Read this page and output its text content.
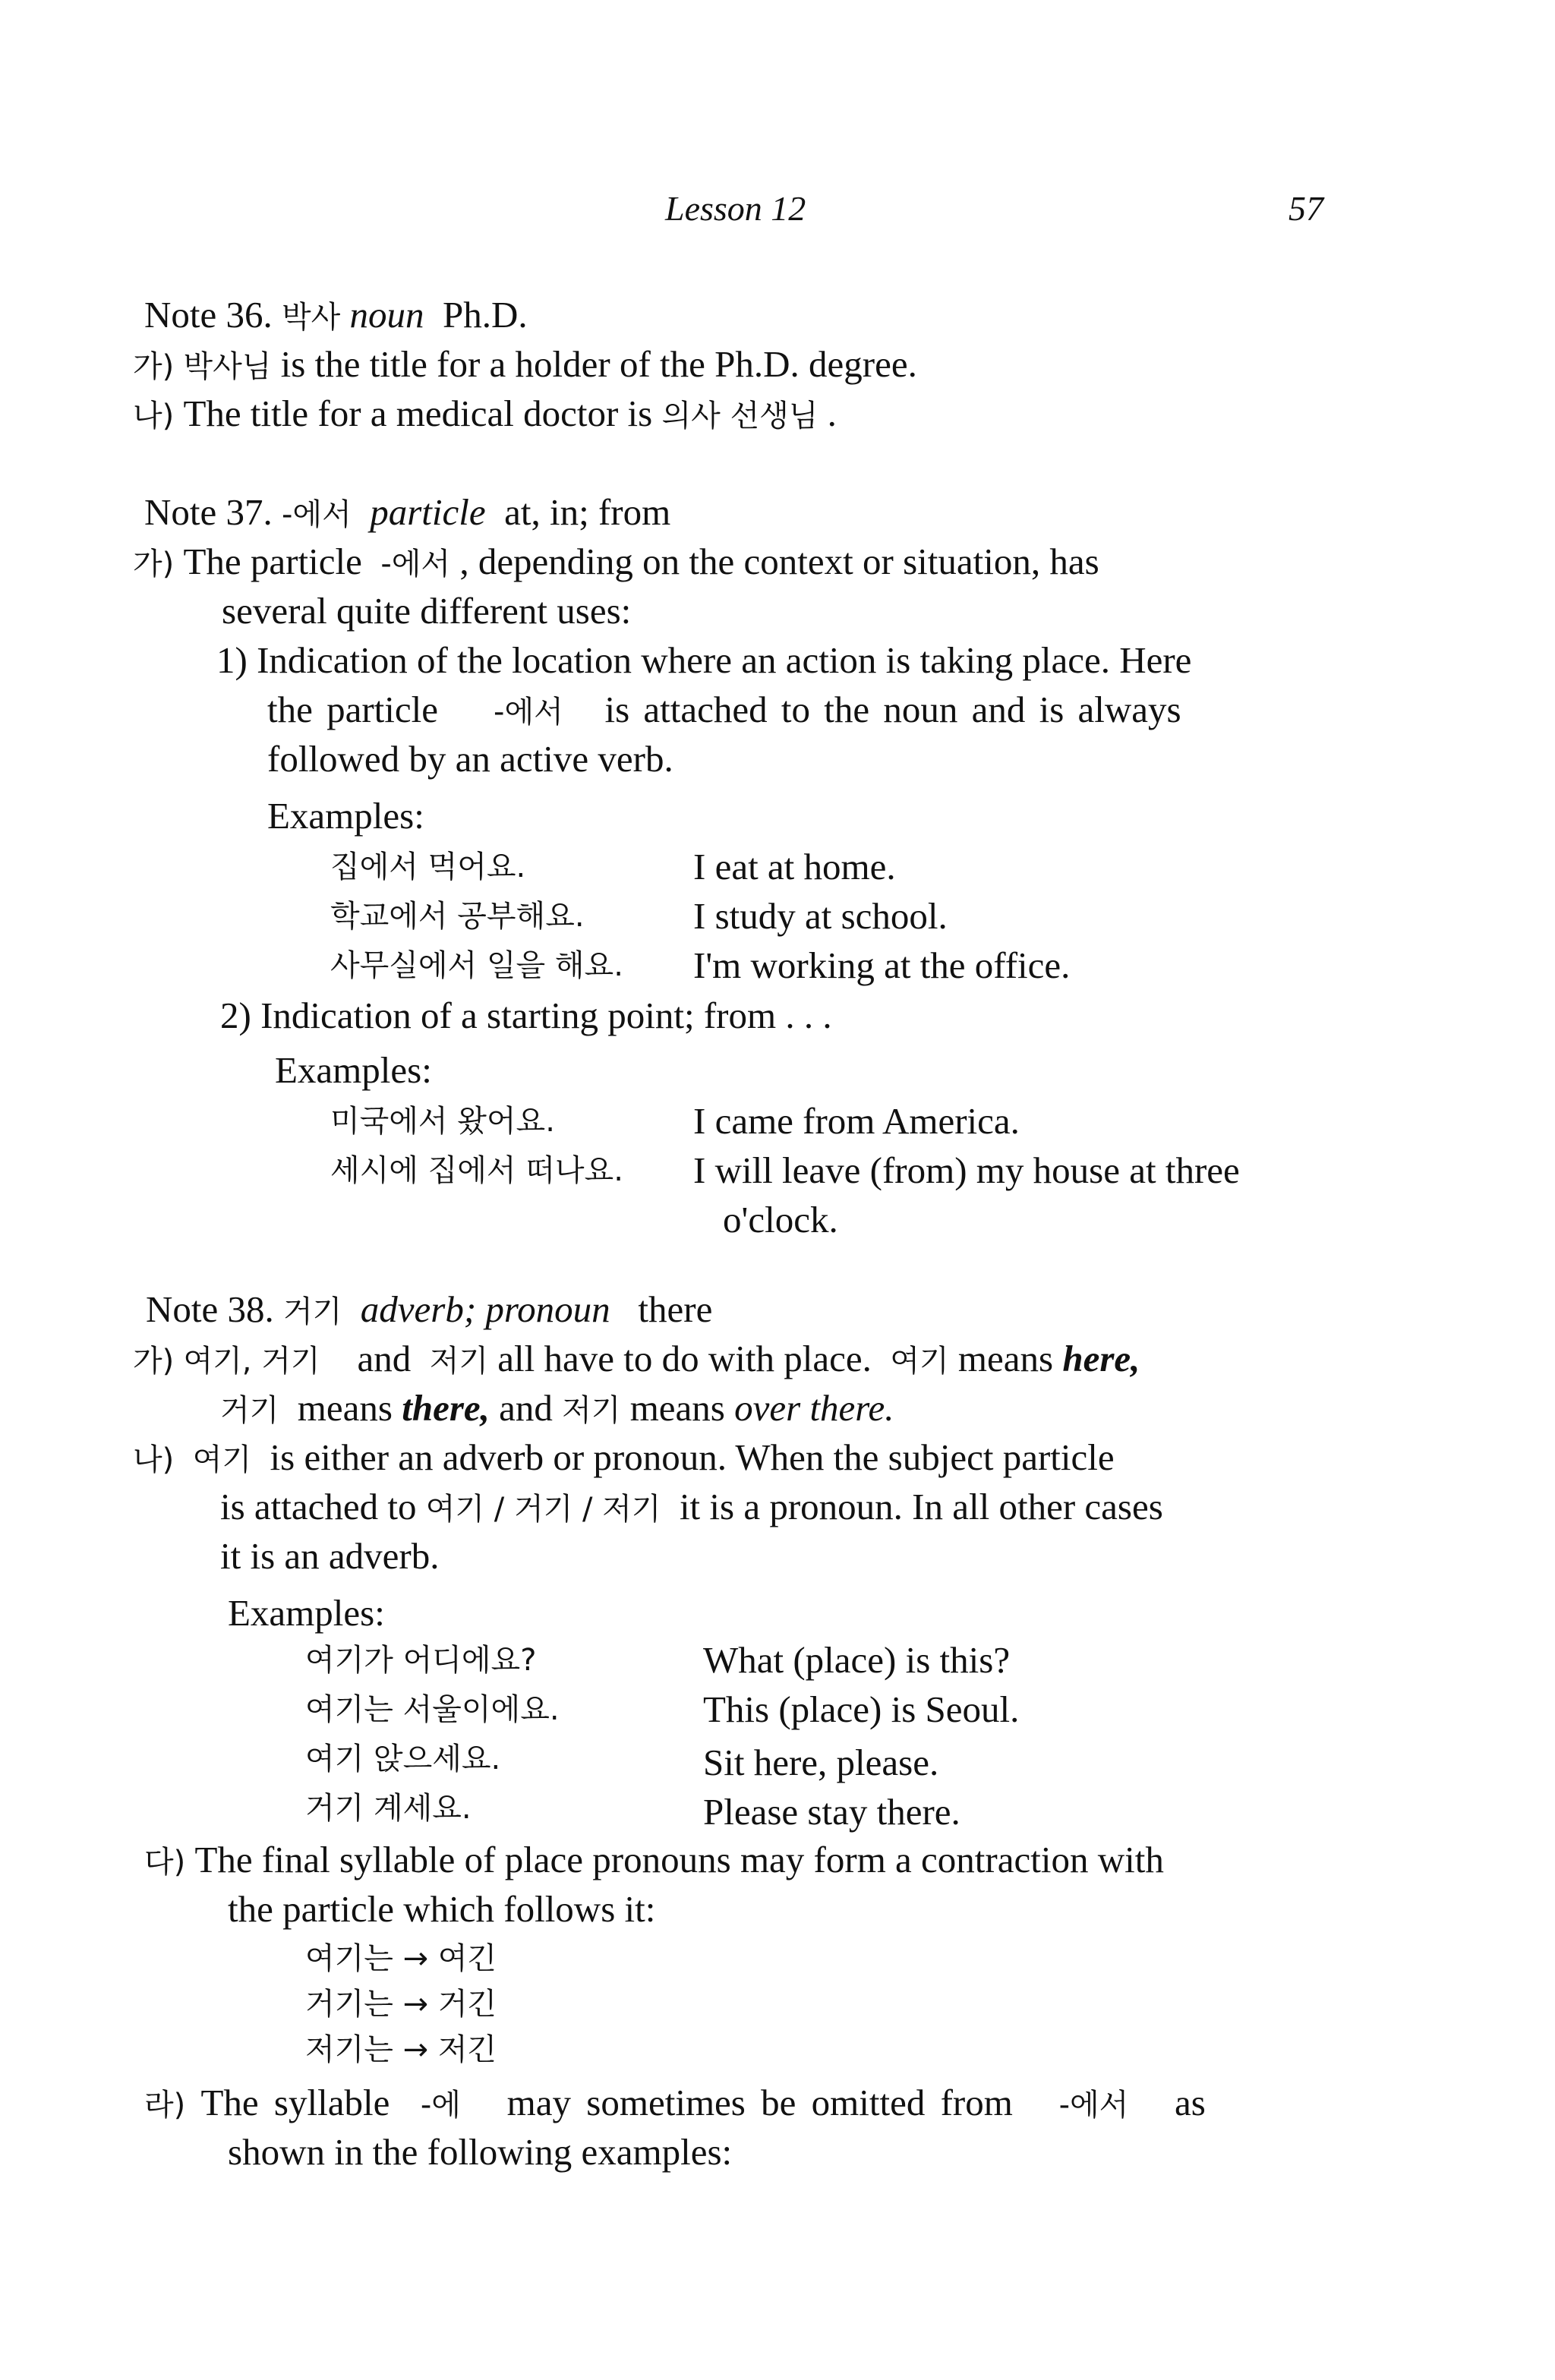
Lesson 12	57
Note 36. 박사 noun Ph.D.
가) 박사님 is the title for a holder of the Ph.D. degree.
나) The title for a medical doctor is 의사 선생님 .
Note 37. -에서 particle at, in; from
가) The particle -에서 , depending on the context or situation, has
several quite different uses:
1) Indication of the location where an action is taking place. Here
the particle -에서 is attached to the noun and is always
followed by an active verb.
Examples:
집에서 먹어요.	I eat at home.
학교에서 공부해요.	I study at school.
사무실에서 일을 해요. I'm working at the office.
2) Indication of a starting point; from . . .
Examples:
미국에서 왔어요.	I came from America.
세시에 집에서 떠나요. I will leave (from) my house at three
o'clock.
Note 38. 거기 adverb; pronoun there
가) 여기, 거기 and 저기 all have to do with place. 여기 means here,
거기 means there, and 저기 means over there.
나) 여기 is either an adverb or pronoun. When the subject particle
is attached to 여기 / 거기 / 저기 it is a pronoun. In all other cases
it is an adverb.
Examples:
여기가 어디에요?	What (place) is this?
여기는 서울이에요.	This (place) is Seoul.
여기 앉으세요.	Sit here, please.
거기 계세요.	Please stay there.
다) The final syllable of place pronouns may form a contraction with
the particle which follows it:
여기는 → 여긴
거기는 → 거긴
저기는 → 저긴
라) The syllable -에 may sometimes be omitted from -에서 as
shown in the following examples:
